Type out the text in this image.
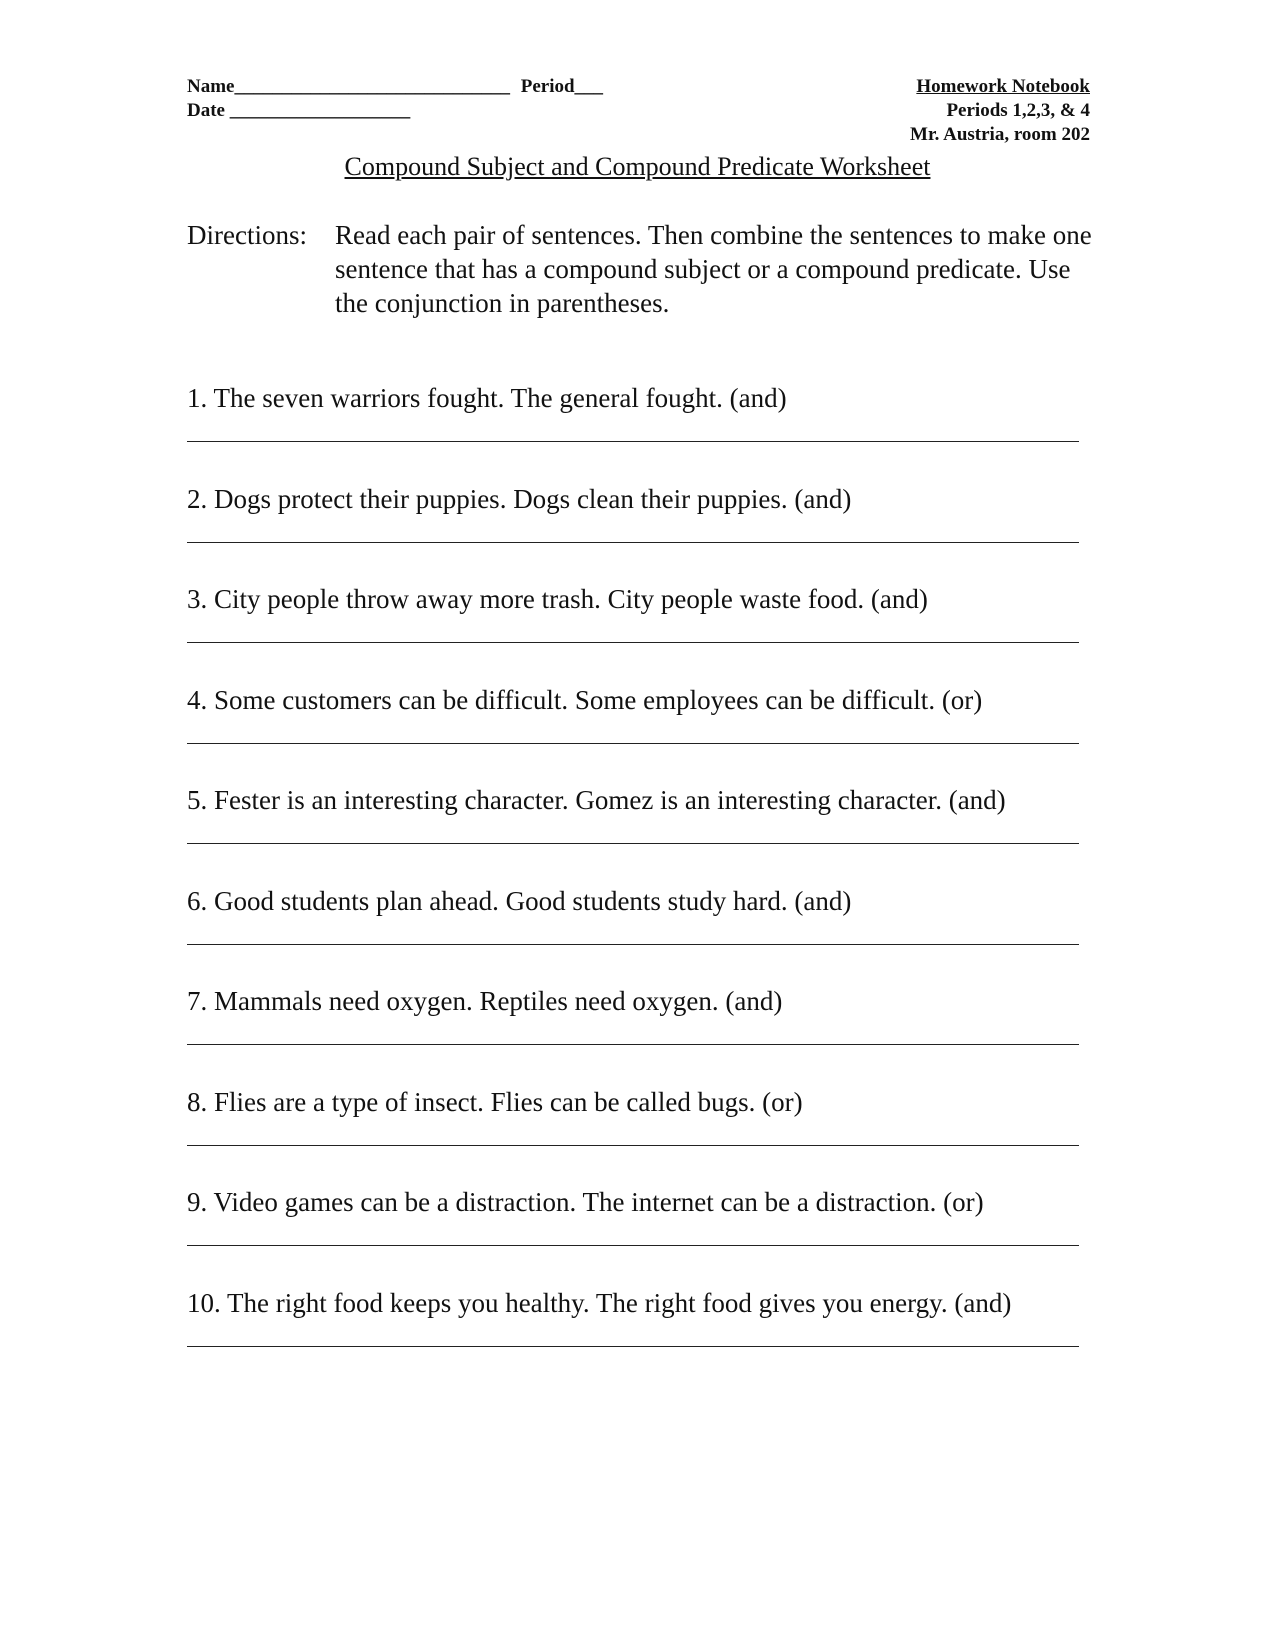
Name_____________________________ Period___
Date ___________________
Homework Notebook
Periods 1,2,3, & 4
Mr. Austria, room 202
Compound Subject and Compound Predicate Worksheet
Directions:	Read each pair of sentences. Then combine the sentences to make one sentence that has a compound subject or a compound predicate. Use the conjunction in parentheses.
1. The seven warriors fought. The general fought. (and)
2. Dogs protect their puppies. Dogs clean their puppies. (and)
3. City people throw away more trash. City people waste food. (and)
4. Some customers can be difficult. Some employees can be difficult. (or)
5. Fester is an interesting character. Gomez is an interesting character. (and)
6. Good students plan ahead. Good students study hard. (and)
7. Mammals need oxygen. Reptiles need oxygen. (and)
8. Flies are a type of insect. Flies can be called bugs. (or)
9. Video games can be a distraction. The internet can be a distraction. (or)
10. The right food keeps you healthy. The right food gives you energy. (and)
